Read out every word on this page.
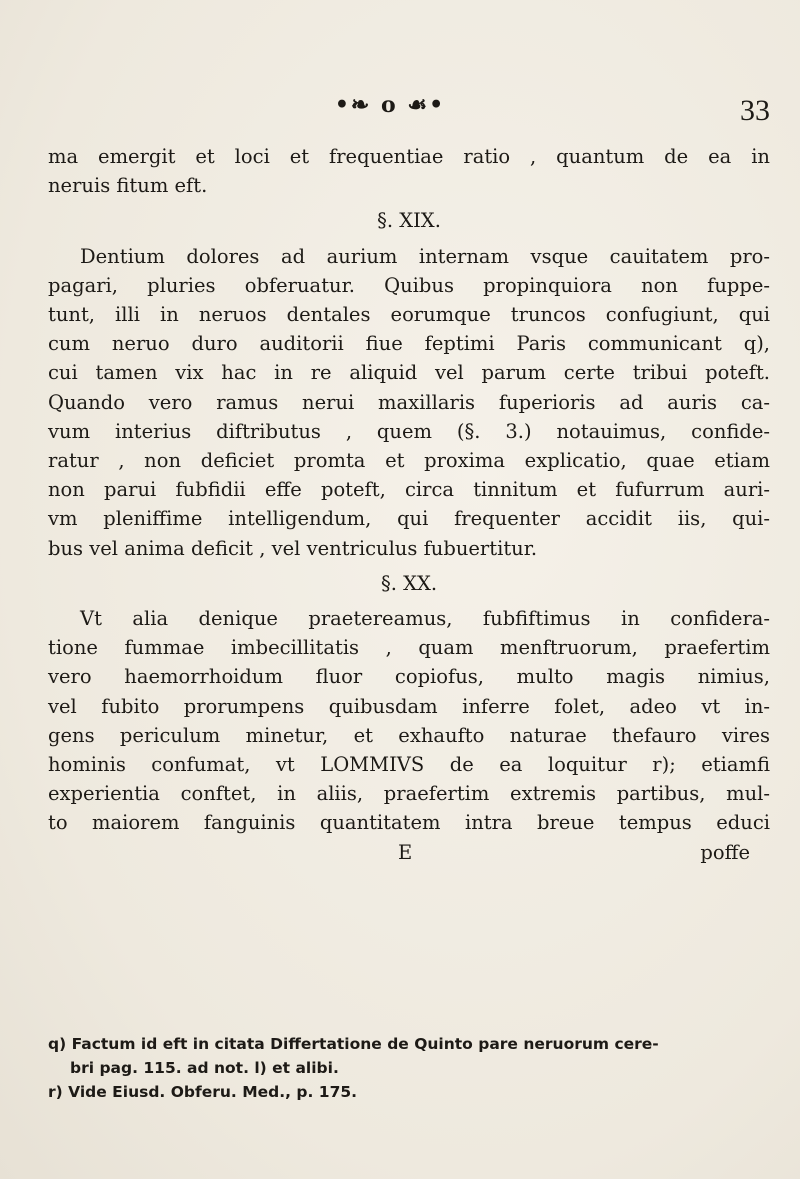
•❧ o ☙•	33
ma emergit et loci et frequentiae ratio , quantum de ea in
neruis fitum eft.
§. XIX.
Dentium dolores ad aurium internam vsque cauitatem pro-
pagari, pluries obferuatur. Quibus propinquiora non fuppe-
tunt, illi in neruos dentales eorumque truncos confugiunt, qui
cum neruo duro auditorii fiue feptimi Paris communicant q),
cui tamen vix hac in re aliquid vel parum certe tribui poteft.
Quando vero ramus nerui maxillaris fuperioris ad auris ca-
vum interius diftributus , quem (§. 3.) notauimus, confide-
ratur , non deficiet promta et proxima explicatio, quae etiam
non parui fubfidii effe poteft, circa tinnitum et fufurrum auri-
vm pleniffime intelligendum, qui frequenter accidit iis, qui-
bus vel anima deficit , vel ventriculus fubuertitur.
§. XX.
Vt alia denique praetereamus, fubfiftimus in confidera-
tione fummae imbecillitatis , quam menftruorum, praefertim
vero haemorrhoidum fluor copiofus, multo magis nimius,
vel fubito prorumpens quibusdam inferre folet, adeo vt in-
gens periculum minetur, et exhaufto naturae thefauro vires
hominis confumat, vt LOMMIVS de ea loquitur r); etiamfi
experientia conftet, in aliis, praefertim extremis partibus, mul-
to maiorem fanguinis quantitatem intra breue tempus educi
E	poffe
q) Factum id eft in citata Differtatione de Quinto pare neruorum cere-
bri pag. 115. ad not. l) et alibi.
r) Vide Eiusd. Obferu. Med., p. 175.
